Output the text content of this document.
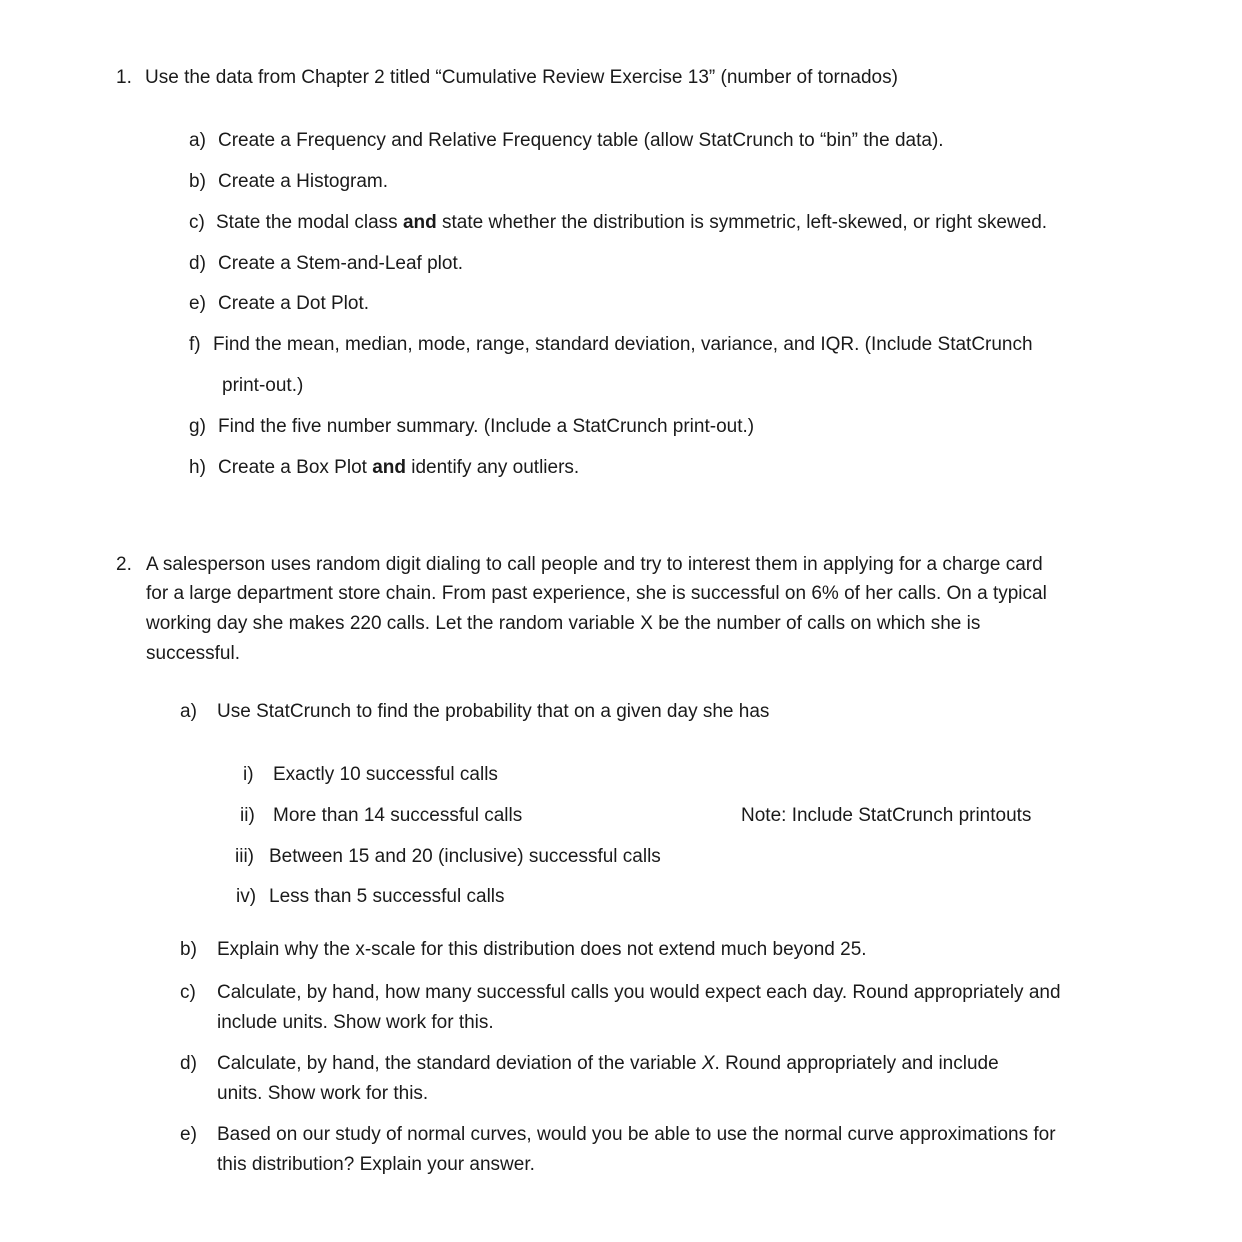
1. Use the data from Chapter 2 titled “Cumulative Review Exercise 13” (number of tornados)
a) Create a Frequency and Relative Frequency table (allow StatCrunch to “bin” the data).
b) Create a Histogram.
c) State the modal class and state whether the distribution is symmetric, left-skewed, or right skewed.
d) Create a Stem-and-Leaf plot.
e) Create a Dot Plot.
f) Find the mean, median, mode, range, standard deviation, variance, and IQR. (Include StatCrunch
print-out.)
g) Find the five number summary. (Include a StatCrunch print-out.)
h) Create a Box Plot and identify any outliers.
2. A salesperson uses random digit dialing to call people and try to interest them in applying for a charge card
for a large department store chain. From past experience, she is successful on 6% of her calls. On a typical
working day she makes 220 calls. Let the random variable X be the number of calls on which she is
successful.
a) Use StatCrunch to find the probability that on a given day she has
i) Exactly 10 successful calls
ii) More than 14 successful calls	Note: Include StatCrunch printouts
iii) Between 15 and 20 (inclusive) successful calls
iv) Less than 5 successful calls
b) Explain why the x-scale for this distribution does not extend much beyond 25.
c) Calculate, by hand, how many successful calls you would expect each day. Round appropriately and
include units. Show work for this.
d) Calculate, by hand, the standard deviation of the variable X. Round appropriately and include
units. Show work for this.
e) Based on our study of normal curves, would you be able to use the normal curve approximations for
this distribution? Explain your answer.
